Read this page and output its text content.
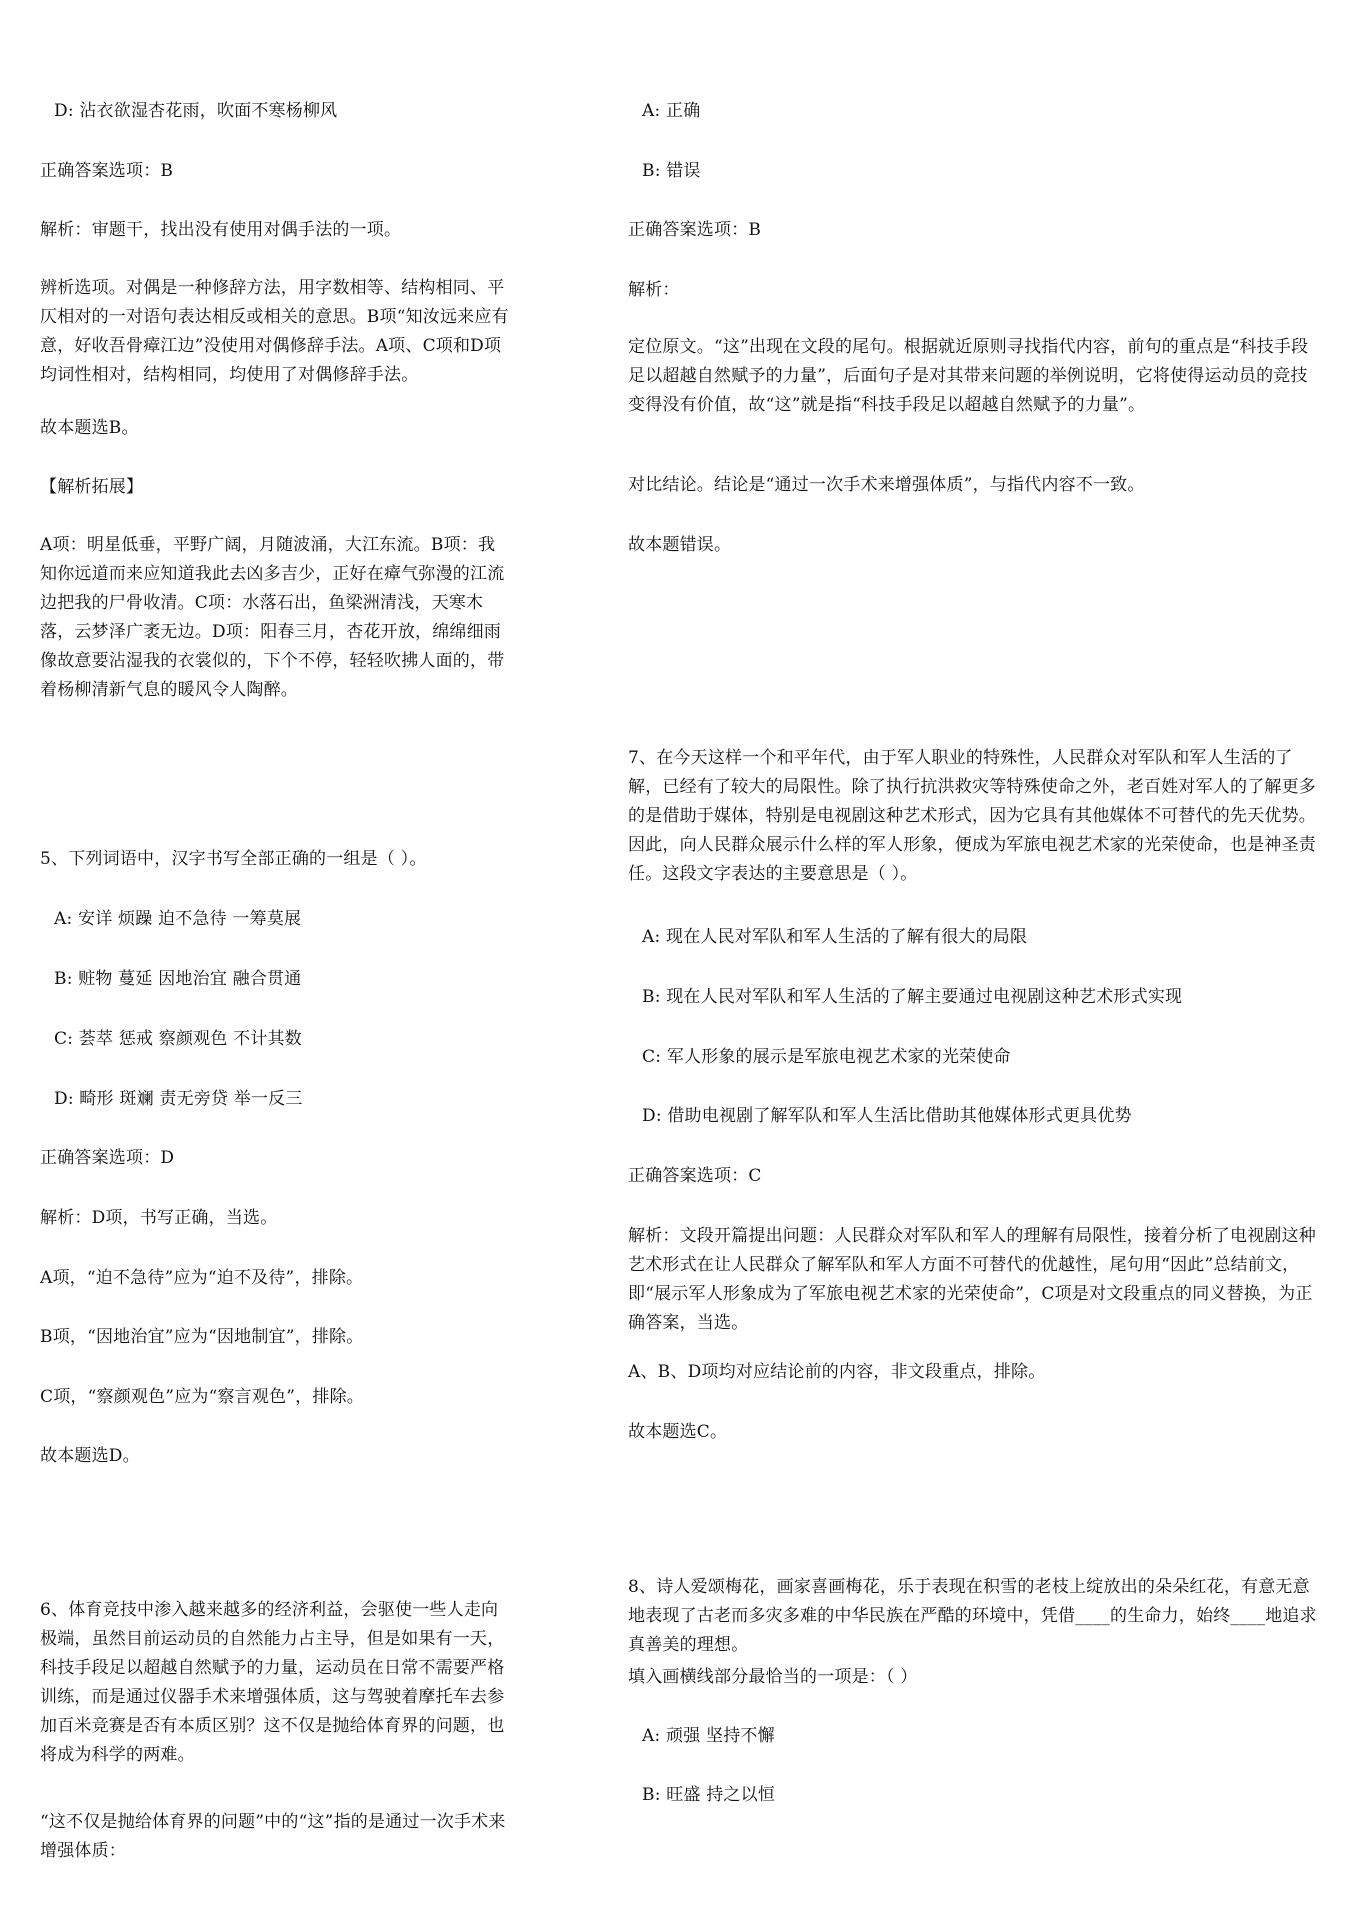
D: 沾衣欲湿杏花雨，吹面不寒杨柳风

正确答案选项：B

解析：审题干，找出没有使用对偶手法的一项。

辨析选项。对偶是一种修辞方法，用字数相等、结构相同、平仄相对的一对语句表达相反或相关的意思。B项“知汝远来应有意，好收吾骨瘴江边”没使用对偶修辞手法。A项、C项和D项均词性相对，结构相同，均使用了对偶修辞手法。

故本题选B。

【解析拓展】

A项：明星低垂，平野广阔，月随波涌，大江东流。B项：我知你远道而来应知道我此去凶多吉少，正好在瘴气弥漫的江流边把我的尸骨收清。C项：水落石出，鱼梁洲清浅，天寒木落，云梦泽广袤无边。D项：阳春三月，杏花开放，绵绵细雨像故意要沾湿我的衣裳似的，下个不停，轻轻吹拂人面的，带着杨柳清新气息的暖风令人陶醉。

5、下列词语中，汉字书写全部正确的一组是（ ）。

A: 安详 烦躁 迫不急待 一筹莫展

B: 赃物 蔓延 因地治宜 融合贯通

C: 荟萃 惩戒 察颜观色 不计其数

D: 畸形 斑斓 责无旁贷 举一反三

正确答案选项：D

解析：D项，书写正确，当选。

A项，“迫不急待”应为“迫不及待”，排除。

B项，“因地治宜”应为“因地制宜”，排除。

C项，“察颜观色”应为“察言观色”，排除。

故本题选D。

6、体育竞技中渗入越来越多的经济利益，会驱使一些人走向极端，虽然目前运动员的自然能力占主导，但是如果有一天，科技手段足以超越自然赋予的力量，运动员在日常不需要严格训练，而是通过仪器手术来增强体质，这与驾驶着摩托车去参加百米竞赛是否有本质区别？这不仅是抛给体育界的问题，也将成为科学的两难。

“这不仅是抛给体育界的问题”中的“这”指的是通过一次手术来增强体质：

A: 正确

B: 错误

正确答案选项：B

解析：

定位原文。“这”出现在文段的尾句。根据就近原则寻找指代内容，前句的重点是“科技手段足以超越自然赋予的力量”，后面句子是对其带来问题的举例说明，它将使得运动员的竞技变得没有价值，故“这”就是指“科技手段足以超越自然赋予的力量”。

对比结论。结论是“通过一次手术来增强体质”，与指代内容不一致。

故本题错误。

7、在今天这样一个和平年代，由于军人职业的特殊性，人民群众对军队和军人生活的了解，已经有了较大的局限性。除了执行抗洪救灾等特殊使命之外，老百姓对军人的了解更多的是借助于媒体，特别是电视剧这种艺术形式，因为它具有其他媒体不可替代的先天优势。因此，向人民群众展示什么样的军人形象，便成为军旅电视艺术家的光荣使命，也是神圣责任。这段文字表达的主要意思是（ ）。

A: 现在人民对军队和军人生活的了解有很大的局限

B: 现在人民对军队和军人生活的了解主要通过电视剧这种艺术形式实现

C: 军人形象的展示是军旅电视艺术家的光荣使命

D: 借助电视剧了解军队和军人生活比借助其他媒体形式更具优势

正确答案选项：C

解析：文段开篇提出问题：人民群众对军队和军人的理解有局限性，接着分析了电视剧这种艺术形式在让人民群众了解军队和军人方面不可替代的优越性，尾句用“因此”总结前文，即“展示军人形象成为了军旅电视艺术家的光荣使命”，C项是对文段重点的同义替换，为正确答案，当选。

A、B、D项均对应结论前的内容，非文段重点，排除。

故本题选C。

8、诗人爱颂梅花，画家喜画梅花，乐于表现在积雪的老枝上绽放出的朵朵红花，有意无意地表现了古老而多灾多难的中华民族在严酷的环境中，凭借____的生命力，始终____地追求真善美的理想。

填入画横线部分最恰当的一项是：（ ）

A: 顽强 坚持不懈

B: 旺盛 持之以恒
